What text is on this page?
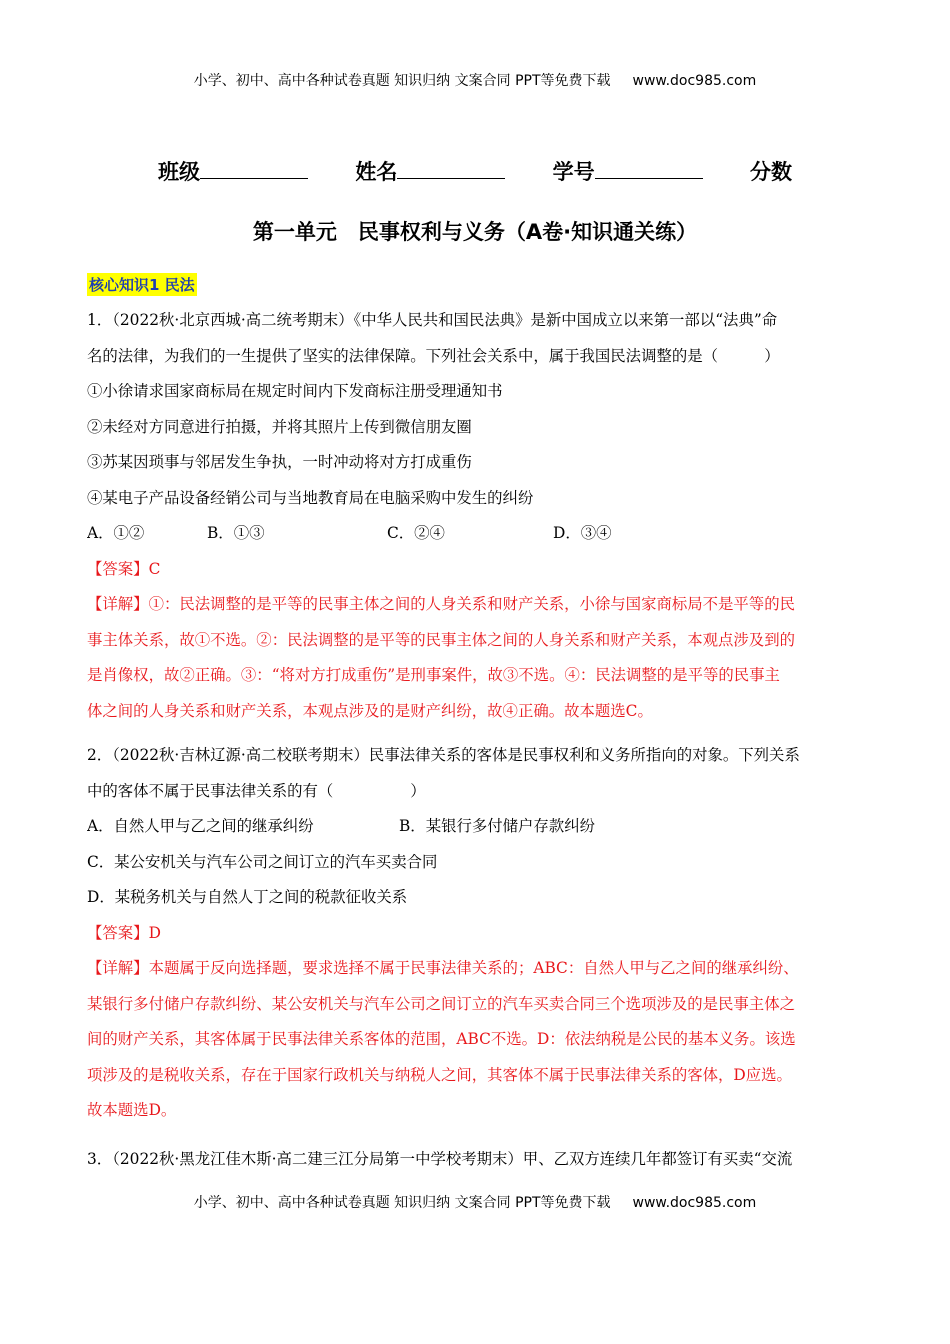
小学、初中、高中各种试卷真题 知识归纳 文案合同 PPT等免费下载 www.doc985.com
班级	姓名	学号	分数
第一单元　民事权利与义务（A卷·知识通关练）
核心知识1 民法
1．（2022秋·北京西城·高二统考期末）《中华人民共和国民法典》是新中国成立以来第一部以“法典”命
名的法律，为我们的一生提供了坚实的法律保障。下列社会关系中，属于我国民法调整的是（　　　）
①小徐请求国家商标局在规定时间内下发商标注册受理通知书
②未经对方同意进行拍摄，并将其照片上传到微信朋友圈
③苏某因琐事与邻居发生争执，一时冲动将对方打成重伤
④某电子产品设备经销公司与当地教育局在电脑采购中发生的纠纷
A．①②	B．①③	C．②④	D．③④
【答案】C
【详解】①：民法调整的是平等的民事主体之间的人身关系和财产关系，小徐与国家商标局不是平等的民
事主体关系，故①不选。②：民法调整的是平等的民事主体之间的人身关系和财产关系，本观点涉及到的
是肖像权，故②正确。③：“将对方打成重伤”是刑事案件，故③不选。④：民法调整的是平等的民事主
体之间的人身关系和财产关系，本观点涉及的是财产纠纷，故④正确。故本题选C。
2．（2022秋·吉林辽源·高二校联考期末）民事法律关系的客体是民事权利和义务所指向的对象。下列关系
中的客体不属于民事法律关系的有（　　　　　）
A．自然人甲与乙之间的继承纠纷	B．某银行多付储户存款纠纷
C．某公安机关与汽车公司之间订立的汽车买卖合同
D．某税务机关与自然人丁之间的税款征收关系
【答案】D
【详解】本题属于反向选择题，要求选择不属于民事法律关系的；ABC：自然人甲与乙之间的继承纠纷、
某银行多付储户存款纠纷、某公安机关与汽车公司之间订立的汽车买卖合同三个选项涉及的是民事主体之
间的财产关系，其客体属于民事法律关系客体的范围，ABC不选。D：依法纳税是公民的基本义务。该选
项涉及的是税收关系，存在于国家行政机关与纳税人之间，其客体不属于民事法律关系的客体，D应选。
故本题选D。
3．（2022秋·黑龙江佳木斯·高二建三江分局第一中学校考期末）甲、乙双方连续几年都签订有买卖“交流
小学、初中、高中各种试卷真题 知识归纳 文案合同 PPT等免费下载 www.doc985.com
